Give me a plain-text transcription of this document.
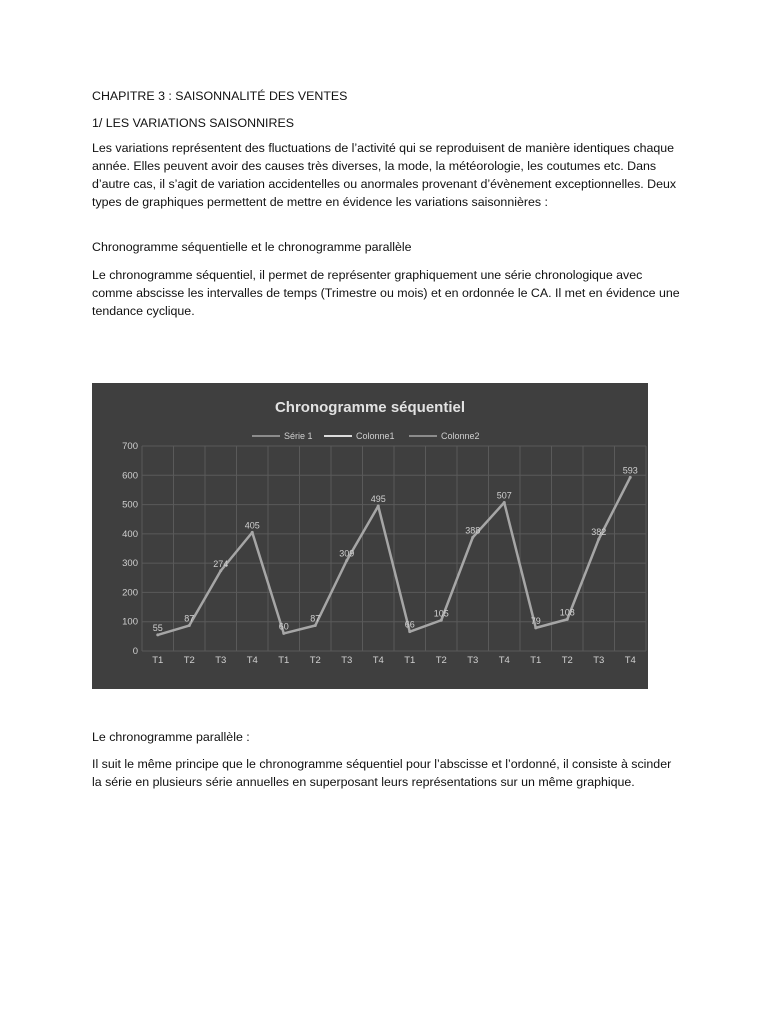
CHAPITRE 3 : SAISONNALITÉ DES VENTES

1/ LES VARIATIONS SAISONNIRES

Les variations représentent des fluctuations de l’activité qui se reproduisent de manière identiques chaque année. Elles peuvent avoir des causes très diverses, la mode, la météorologie, les coutumes etc. Dans d’autre cas, il s’agit de variation accidentelles ou anormales provenant d’évènement exceptionnelles. Deux types de graphiques permettent de mettre en évidence les variations saisonnières :

Chronogramme séquentielle et le chronogramme parallèle

Le chronogramme séquentiel, il permet de représenter graphiquement une série chronologique avec comme abscisse les intervalles de temps (Trimestre ou mois) et en ordonnée le CA. Il met en évidence une tendance cyclique.

Chronogramme séquentiel
Série 1	Colonne1	Colonne2
0
100
200
300
400
500
600
700
T1 T2 T3 T4 T1 T2 T3 T4 T1 T2 T3 T4 T1 T2 T3 T4
55
87
274
405
60
87
309
495
66
105
388
507
79
108
382
593

Le chronogramme parallèle :

Il suit le même principe que le chronogramme séquentiel pour l’abscisse et l’ordonné, il consiste à scinder la série en plusieurs série annuelles en superposant leurs représentations sur un même graphique.
